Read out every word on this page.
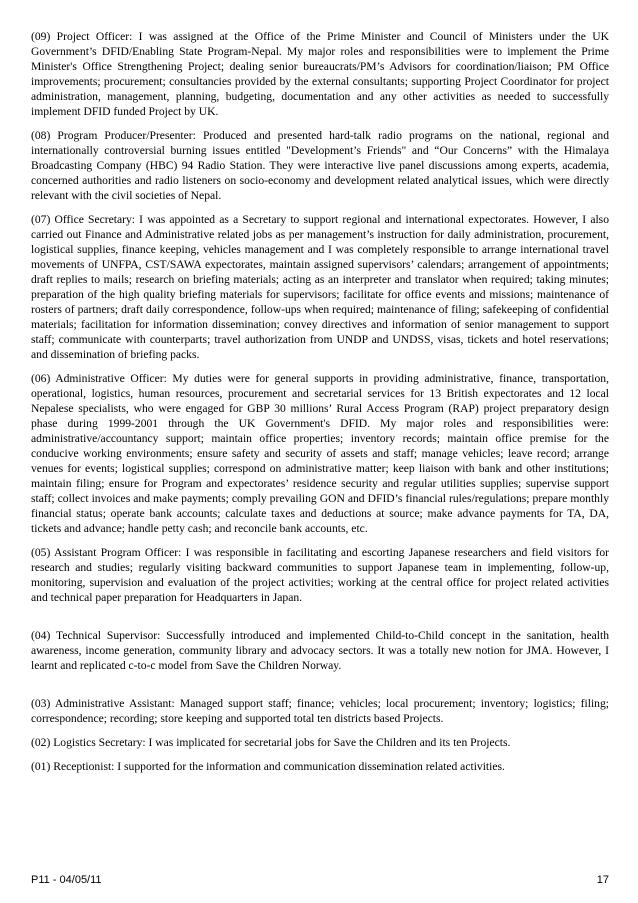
(09) Project Officer: I was assigned at the Office of the Prime Minister and Council of Ministers under the UK Government’s DFID/Enabling State Program-Nepal. My major roles and responsibilities were to implement the Prime Minister's Office Strengthening Project; dealing senior bureaucrats/PM’s Advisors for coordination/liaison; PM Office improvements; procurement; consultancies provided by the external consultants; supporting Project Coordinator for project administration, management, planning, budgeting, documentation and any other activities as needed to successfully implement DFID funded Project by UK.

(08) Program Producer/Presenter: Produced and presented hard-talk radio programs on the national, regional and internationally controversial burning issues entitled "Development’s Friends" and “Our Concerns” with the Himalaya Broadcasting Company (HBC) 94 Radio Station. They were interactive live panel discussions among experts, academia, concerned authorities and radio listeners on socio-economy and development related analytical issues, which were directly relevant with the civil societies of Nepal.

(07) Office Secretary: I was appointed as a Secretary to support regional and international expectorates. However, I also carried out Finance and Administrative related jobs as per management’s instruction for daily administration, procurement, logistical supplies, finance keeping, vehicles management and I was completely responsible to arrange international travel movements of UNFPA, CST/SAWA expectorates, maintain assigned supervisors’ calendars; arrangement of appointments; draft replies to mails; research on briefing materials; acting as an interpreter and translator when required; taking minutes; preparation of the high quality briefing materials for supervisors; facilitate for office events and missions; maintenance of rosters of partners; draft daily correspondence, follow-ups when required; maintenance of filing; safekeeping of confidential materials; facilitation for information dissemination; convey directives and information of senior management to support staff; communicate with counterparts; travel authorization from UNDP and UNDSS, visas, tickets and hotel reservations; and dissemination of briefing packs.

(06) Administrative Officer: My duties were for general supports in providing administrative, finance, transportation, operational, logistics, human resources, procurement and secretarial services for 13 British expectorates and 12 local Nepalese specialists, who were engaged for GBP 30 millions’ Rural Access Program (RAP) project preparatory design phase during 1999-2001 through the UK Government's DFID. My major roles and responsibilities were: administrative/accountancy support; maintain office properties; inventory records; maintain office premise for the conducive working environments; ensure safety and security of assets and staff; manage vehicles; leave record; arrange venues for events; logistical supplies; correspond on administrative matter; keep liaison with bank and other institutions; maintain filing; ensure for Program and expectorates’ residence security and regular utilities supplies; supervise support staff; collect invoices and make payments; comply prevailing GON and DFID’s financial rules/regulations; prepare monthly financial status; operate bank accounts; calculate taxes and deductions at source; make advance payments for TA, DA, tickets and advance; handle petty cash; and reconcile bank accounts, etc.

(05) Assistant Program Officer: I was responsible in facilitating and escorting Japanese researchers and field visitors for research and studies; regularly visiting backward communities to support Japanese team in implementing, follow-up, monitoring, supervision and evaluation of the project activities; working at the central office for project related activities and technical paper preparation for Headquarters in Japan.

(04) Technical Supervisor: Successfully introduced and implemented Child-to-Child concept in the sanitation, health awareness, income generation, community library and advocacy sectors. It was a totally new notion for JMA. However, I learnt and replicated c-to-c model from Save the Children Norway.

(03) Administrative Assistant: Managed support staff; finance; vehicles; local procurement; inventory; logistics; filing; correspondence; recording; store keeping and supported total ten districts based Projects.

(02) Logistics Secretary: I was implicated for secretarial jobs for Save the Children and its ten Projects.

(01) Receptionist: I supported for the information and communication dissemination related activities.

P11 - 04/05/11	17
